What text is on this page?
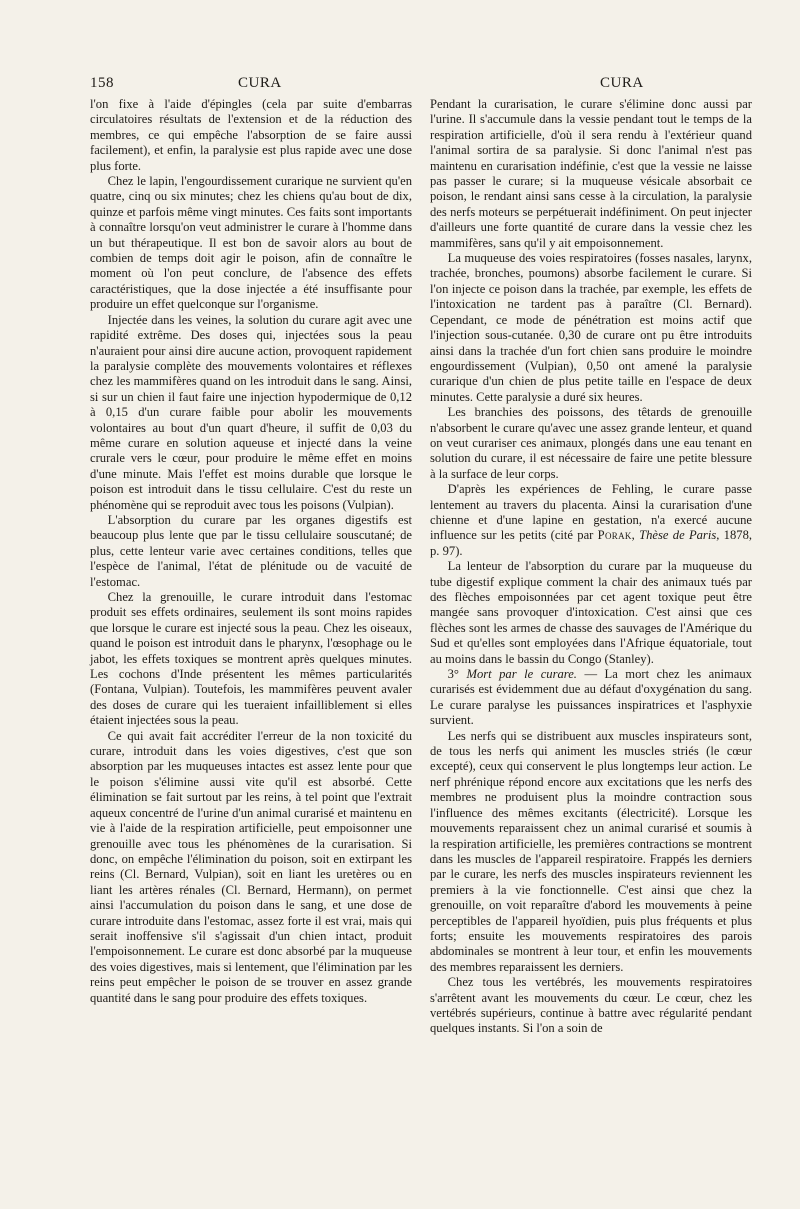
158	CURA	CURA

l'on fixe à l'aide d'épingles (cela par suite d'embarras circulatoires résultats de l'extension et de la réduction des membres, ce qui empêche l'absorption de se faire aussi facilement), et enfin, la paralysie est plus rapide avec une dose plus forte.

Chez le lapin, l'engourdissement curarique ne survient qu'en quatre, cinq ou six minutes; chez les chiens qu'au bout de dix, quinze et parfois même vingt minutes. Ces faits sont importants à connaître lorsqu'on veut administrer le curare à l'homme dans un but thérapeutique. Il est bon de savoir alors au bout de combien de temps doit agir le poison, afin de connaître le moment où l'on peut conclure, de l'absence des effets caractéristiques, que la dose injectée a été insuffisante pour produire un effet quelconque sur l'organisme.

Injectée dans les veines, la solution du curare agit avec une rapidité extrême. Des doses qui, injectées sous la peau n'auraient pour ainsi dire aucune action, provoquent rapidement la paralysie complète des mouvements volontaires et réflexes chez les mammifères quand on les introduit dans le sang. Ainsi, si sur un chien il faut faire une injection hypodermique de 0,12 à 0,15 d'un curare faible pour abolir les mouvements volontaires au bout d'un quart d'heure, il suffit de 0,03 du même curare en solution aqueuse et injecté dans la veine crurale vers le cœur, pour produire le même effet en moins d'une minute. Mais l'effet est moins durable que lorsque le poison est introduit dans le tissu cellulaire. C'est du reste un phénomène qui se reproduit avec tous les poisons (Vulpian).

L'absorption du curare par les organes digestifs est beaucoup plus lente que par le tissu cellulaire souscutané; de plus, cette lenteur varie avec certaines conditions, telles que l'espèce de l'animal, l'état de plénitude ou de vacuité de l'estomac.

Chez la grenouille, le curare introduit dans l'estomac produit ses effets ordinaires, seulement ils sont moins rapides que lorsque le curare est injecté sous la peau. Chez les oiseaux, quand le poison est introduit dans le pharynx, l'œsophage ou le jabot, les effets toxiques se montrent après quelques minutes. Les cochons d'Inde présentent les mêmes particularités (Fontana, Vulpian). Toutefois, les mammifères peuvent avaler des doses de curare qui les tueraient infailliblement si elles étaient injectées sous la peau.

Ce qui avait fait accréditer l'erreur de la non toxicité du curare, introduit dans les voies digestives, c'est que son absorption par les muqueuses intactes est assez lente pour que le poison s'élimine aussi vite qu'il est absorbé. Cette élimination se fait surtout par les reins, à tel point que l'extrait aqueux concentré de l'urine d'un animal curarisé et maintenu en vie à l'aide de la respiration artificielle, peut empoisonner une grenouille avec tous les phénomènes de la curarisation. Si donc, on empêche l'élimination du poison, soit en extirpant les reins (Cl. Bernard, Vulpian), soit en liant les uretères ou en liant les artères rénales (Cl. Bernard, Hermann), on permet ainsi l'accumulation du poison dans le sang, et une dose de curare introduite dans l'estomac, assez forte il est vrai, mais qui serait inoffensive s'il s'agissait d'un chien intact, produit l'empoisonnement. Le curare est donc absorbé par la muqueuse des voies digestives, mais si lentement, que l'élimination par les reins peut empêcher le poison de se trouver en assez grande quantité dans le sang pour produire des effets toxiques.

Pendant la curarisation, le curare s'élimine donc aussi par l'urine. Il s'accumule dans la vessie pendant tout le temps de la respiration artificielle, d'où il sera rendu à l'extérieur quand l'animal sortira de sa paralysie. Si donc l'animal n'est pas maintenu en curarisation indéfinie, c'est que la vessie ne laisse pas passer le curare; si la muqueuse vésicale absorbait ce poison, le rendant ainsi sans cesse à la circulation, la paralysie des nerfs moteurs se perpétuerait indéfiniment. On peut injecter d'ailleurs une forte quantité de curare dans la vessie chez les mammifères, sans qu'il y ait empoisonnement.

La muqueuse des voies respiratoires (fosses nasales, larynx, trachée, bronches, poumons) absorbe facilement le curare. Si l'on injecte ce poison dans la trachée, par exemple, les effets de l'intoxication ne tardent pas à paraître (Cl. Bernard). Cependant, ce mode de pénétration est moins actif que l'injection sous-cutanée. 0,30 de curare ont pu être introduits ainsi dans la trachée d'un fort chien sans produire le moindre engourdissement (Vulpian), 0,50 ont amené la paralysie curarique d'un chien de plus petite taille en l'espace de deux minutes. Cette paralysie a duré six heures.

Les branchies des poissons, des têtards de grenouille n'absorbent le curare qu'avec une assez grande lenteur, et quand on veut curariser ces animaux, plongés dans une eau tenant en solution du curare, il est nécessaire de faire une petite blessure à la surface de leur corps.

D'après les expériences de Fehling, le curare passe lentement au travers du placenta. Ainsi la curarisation d'une chienne et d'une lapine en gestation, n'a exercé aucune influence sur les petits (cité par Porak, Thèse de Paris, 1878, p. 97).

La lenteur de l'absorption du curare par la muqueuse du tube digestif explique comment la chair des animaux tués par des flèches empoisonnées par cet agent toxique peut être mangée sans provoquer d'intoxication. C'est ainsi que ces flèches sont les armes de chasse des sauvages de l'Amérique du Sud et qu'elles sont employées dans l'Afrique équatoriale, tout au moins dans le bassin du Congo (Stanley).

3° Mort par le curare. — La mort chez les animaux curarisés est évidemment due au défaut d'oxygénation du sang. Le curare paralyse les puissances inspiratrices et l'asphyxie survient.

Les nerfs qui se distribuent aux muscles inspirateurs sont, de tous les nerfs qui animent les muscles striés (le cœur excepté), ceux qui conservent le plus longtemps leur action. Le nerf phrénique répond encore aux excitations que les nerfs des membres ne produisent plus la moindre contraction sous l'influence des mêmes excitants (électricité). Lorsque les mouvements reparaissent chez un animal curarisé et soumis à la respiration artificielle, les premières contractions se montrent dans les muscles de l'appareil respiratoire. Frappés les derniers par le curare, les nerfs des muscles inspirateurs reviennent les premiers à la vie fonctionnelle. C'est ainsi que chez la grenouille, on voit reparaître d'abord les mouvements à peine perceptibles de l'appareil hyoïdien, puis plus fréquents et plus forts; ensuite les mouvements respiratoires des parois abdominales se montrent à leur tour, et enfin les mouvements des membres reparaissent les derniers.

Chez tous les vertébrés, les mouvements respiratoires s'arrêtent avant les mouvements du cœur. Le cœur, chez les vertébrés supérieurs, continue à battre avec régularité pendant quelques instants. Si l'on a soin de
